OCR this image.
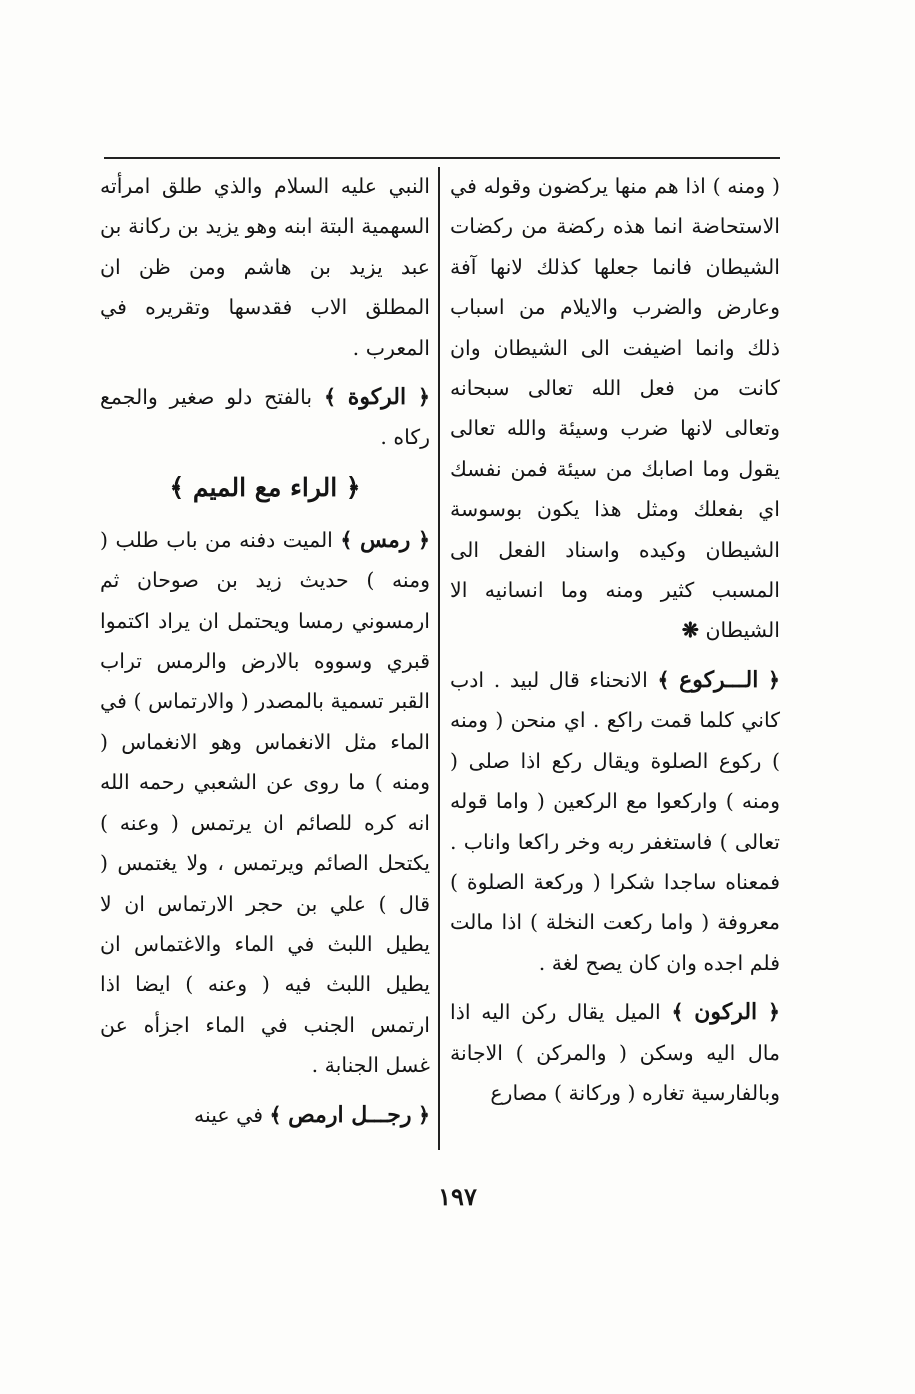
( ومنه ) اذا هم منها يركضون وقوله في الاستحاضة انما هذه ركضة من ركضات الشيطان فانما جعلها كذلك لانها آفة وعارض والضرب والايلام من اسباب ذلك وانما اضيفت الى الشيطان وان كانت من فعل الله تعالى سبحانه وتعالى لانها ضرب وسيئة والله تعالى يقول وما اصابك من سيئة فمن نفسك اي بفعلك ومثل هذا يكون بوسوسة الشيطان وكيده واسناد الفعل الى المسبب كثير ومنه وما انسانيه الا الشيطان ❋

﴿ الـــركوع ﴾ الانحناء قال لبيد . ادب كاني كلما قمت راكع . اي منحن ( ومنه ) ركوع الصلوة ويقال ركع اذا صلى ( ومنه ) واركعوا مع الركعين ( واما قوله تعالى ) فاستغفر ربه وخر راكعا واناب . فمعناه ساجدا شكرا ( وركعة الصلوة ) معروفة ( واما ركعت النخلة ) اذا مالت فلم اجده وان كان يصح لغة .

﴿ الركون ﴾ الميل يقال ركن اليه اذا مال اليه وسكن ( والمركن ) الاجانة وبالفارسية تغاره ( وركانة ) مصارع

النبي عليه السلام والذي طلق امرأته السهمية البتة ابنه وهو يزيد بن ركانة بن عبد يزيد بن هاشم ومن ظن ان المطلق الاب فقدسها وتقريره في المعرب .

﴿ الركوة ﴾ بالفتح دلو صغير والجمع ركاه .

﴿ الراء مع الميم ﴾

﴿ رمس ﴾ الميت دفنه من باب طلب ( ومنه ) حديث زيد بن صوحان ثم ارمسوني رمسا ويحتمل ان يراد اكتموا قبري وسووه بالارض والرمس تراب القبر تسمية بالمصدر ( والارتماس ) في الماء مثل الانغماس وهو الانغماس ( ومنه ) ما روى عن الشعبي رحمه الله انه كره للصائم ان يرتمس ( وعنه ) يكتحل الصائم ويرتمس ، ولا يغتمس ( قال ) علي بن حجر الارتماس ان لا يطيل اللبث في الماء والاغتماس ان يطيل اللبث فيه ( وعنه ) ايضا اذا ارتمس الجنب في الماء اجزأه عن غسل الجنابة .

﴿ رجـــل ارمص ﴾ في عينه

١٩٧
